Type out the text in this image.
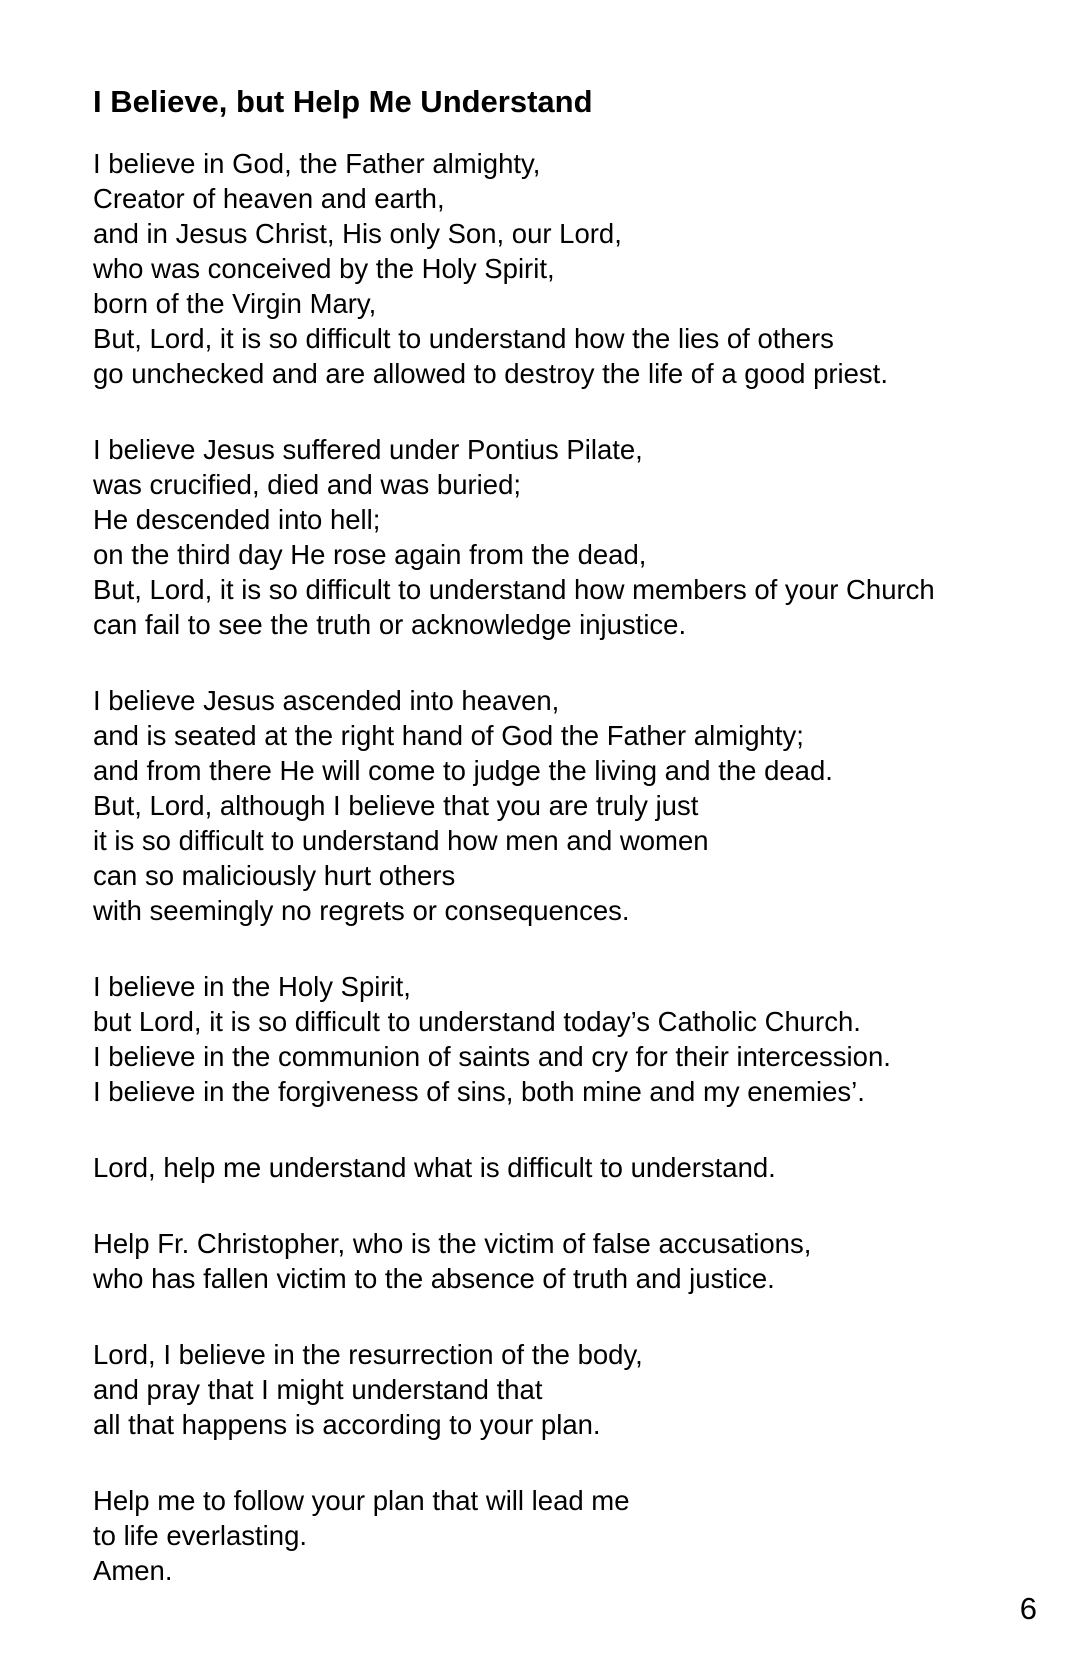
I Believe, but Help Me Understand
I believe in God, the Father almighty,
Creator of heaven and earth,
and in Jesus Christ, His only Son, our Lord,
who was conceived by the Holy Spirit,
born of the Virgin Mary,
But, Lord, it is so difficult to understand how the lies of others
go unchecked and are allowed to destroy the life of a good priest.
I believe Jesus suffered under Pontius Pilate,
was crucified, died and was buried;
He descended into hell;
on the third day He rose again from the dead,
But, Lord, it is so difficult to understand how members of your Church
can fail to see the truth or acknowledge injustice.
I believe Jesus ascended into heaven,
and is seated at the right hand of God the Father almighty;
and from there He will come to judge the living and the dead.
But, Lord, although I believe that you are truly just
it is so difficult to understand how men and women
can so maliciously hurt others
with seemingly no regrets or consequences.
I believe in the Holy Spirit,
but Lord, it is so difficult to understand today’s Catholic Church.
I believe in the communion of saints and cry for their intercession.
I believe in the forgiveness of sins, both mine and my enemies’.
Lord, help me understand what is difficult to understand.
Help Fr. Christopher, who is the victim of false accusations,
who has fallen victim to the absence of truth and justice.
Lord, I believe in the resurrection of the body,
and pray that I might understand that
all that happens is according to your plan.
Help me to follow your plan that will lead me
to life everlasting.
Amen.
6
